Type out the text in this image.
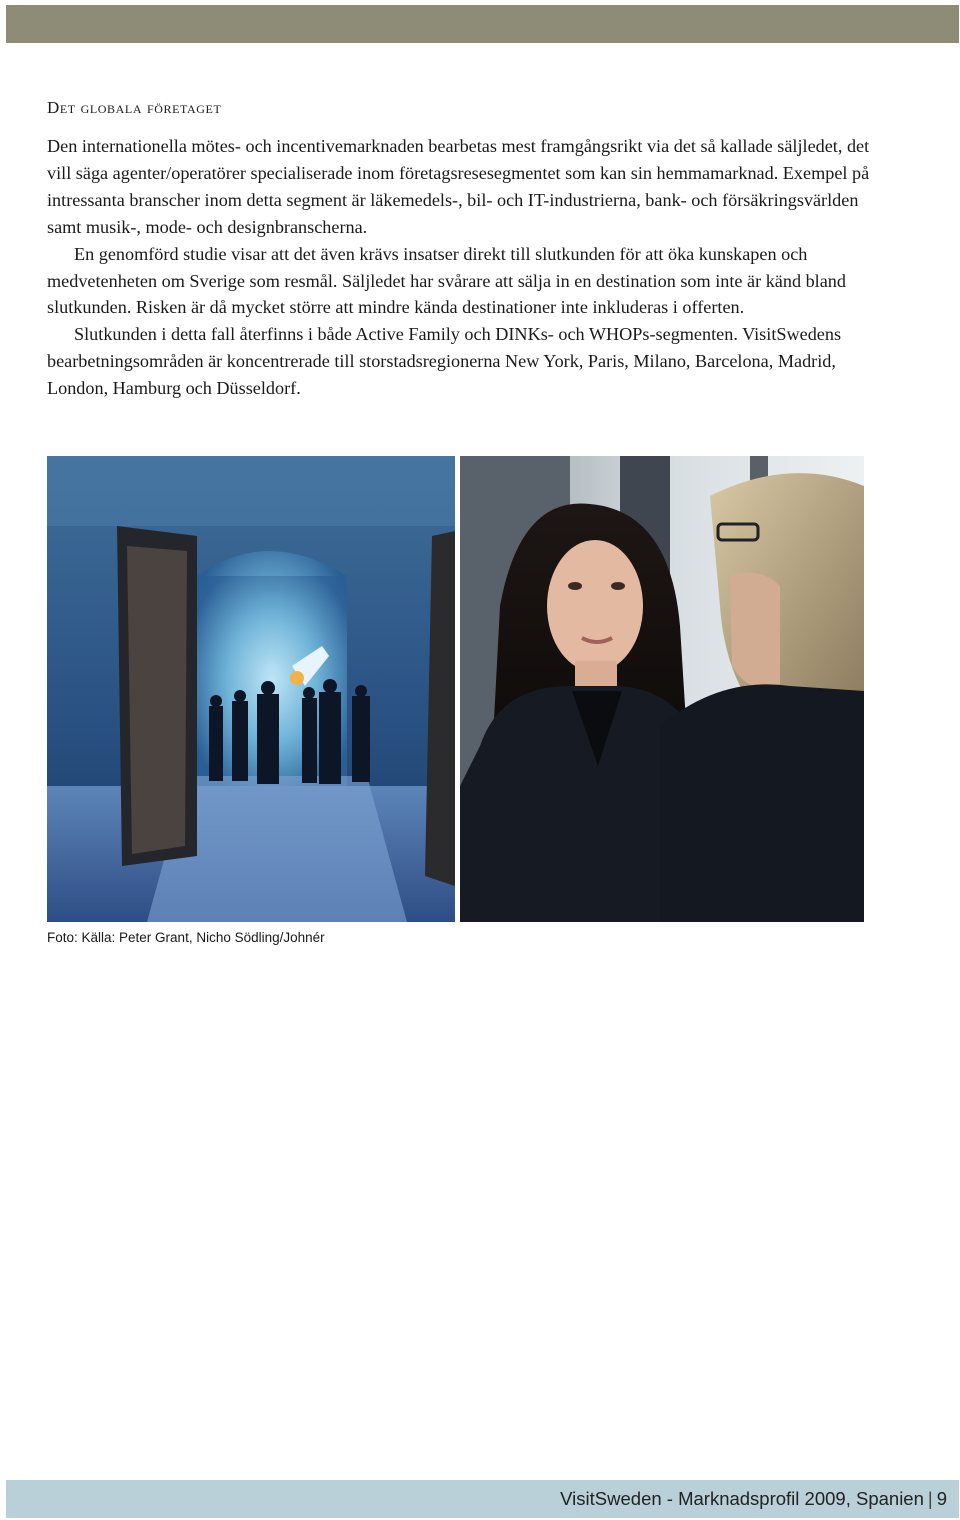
Det globala företaget

Den internationella mötes- och incentivemarknaden bearbetas mest framgångsrikt via det så kallade säljledet, det vill säga agenter/operatörer specialiserade inom företagsresesegmentet som kan sin hemmamarknad. Exempel på intressanta branscher inom detta segment är läkemedels-, bil- och IT-industrierna, bank- och försäkringsvärlden samt musik-, mode- och designbranscherna.

En genomförd studie visar att det även krävs insatser direkt till slutkunden för att öka kunskapen och medvetenheten om Sverige som resmål. Säljledet har svårare att sälja in en destination som inte är känd bland slutkunden. Risken är då mycket större att mindre kända destinationer inte inkluderas i offerten.

Slutkunden i detta fall återfinns i både Active Family och DINKs- och WHOPs-segmenten. VisitSwedens bearbetningsområden är koncentrerade till storstadsregionerna New York, Paris, Milano, Barcelona, Madrid, London, Hamburg och Düsseldorf.

Foto: Källa: Peter Grant, Nicho Södling/Johnér
VisitSweden - Marknadsprofil 2009, Spanien | 9
